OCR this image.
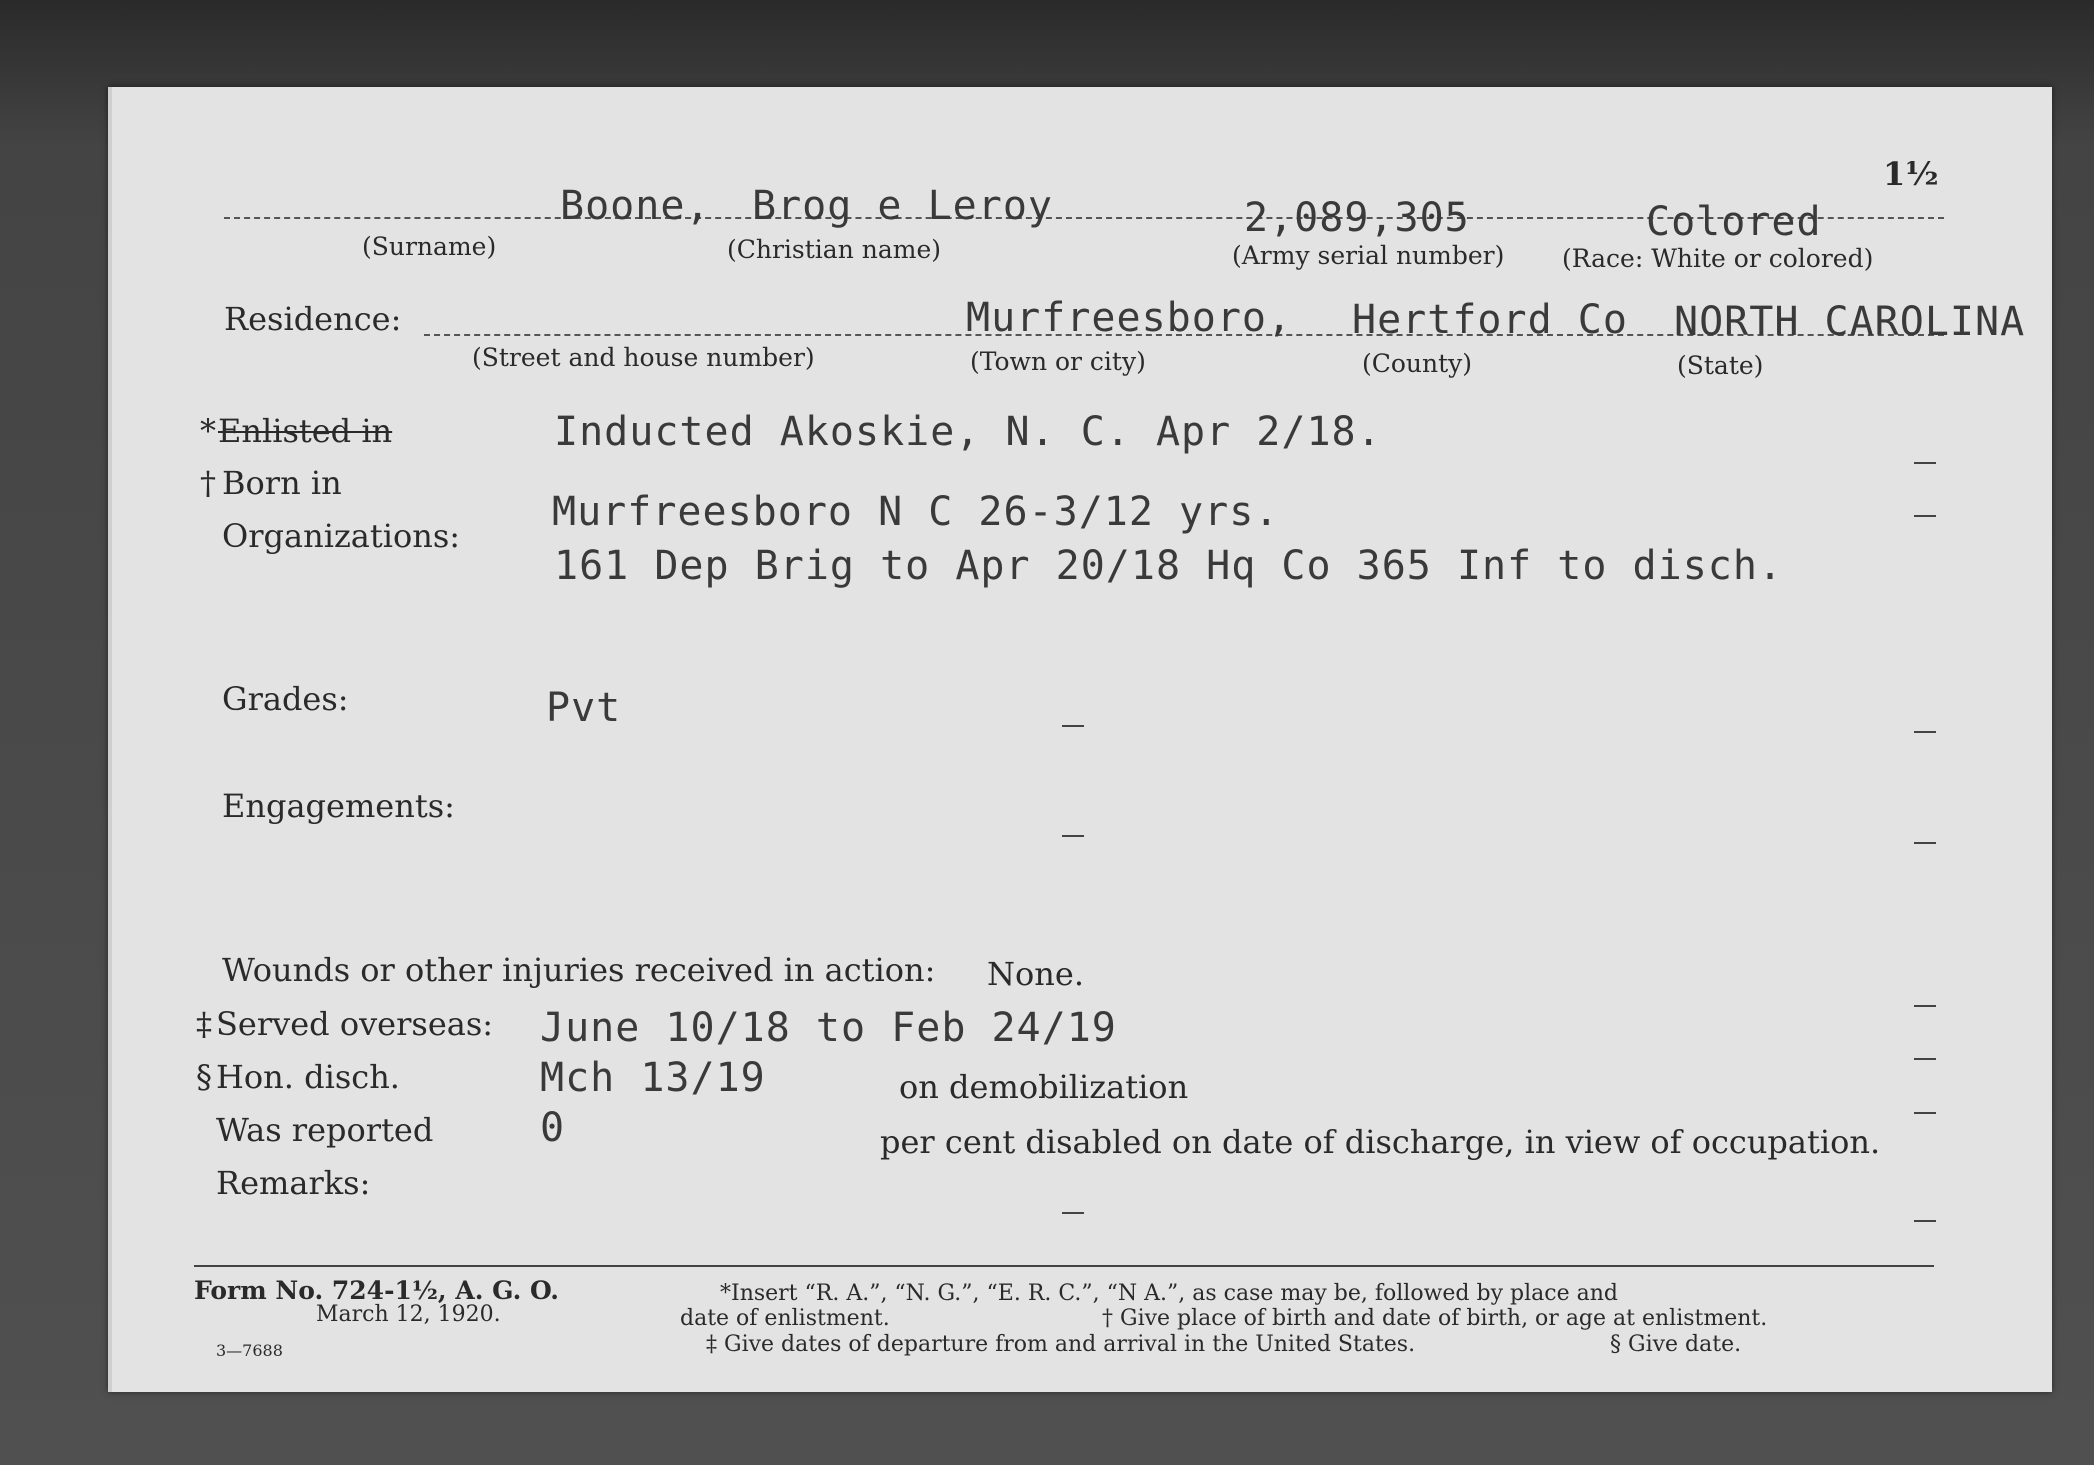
1½
Boone, Brog e Leroy	2,089,305	Colored
(Surname)	(Christian name)	(Army serial number) (Race: White or colored)
Residence:	Murfreesboro, Hertford Co NORTH CAROLINA
(Street and house number)	(Town or city)	(County)	(State)
* Enlisted in	Inducted Akoskie, N. C. Apr 2/18.
† Born in
Murfreesboro N C 26-3/12 yrs.
Organizations:
161 Dep Brig to Apr 20/18 Hq Co 365 Inf to disch.
Grades:	Pvt
Engagements:
Wounds or other injuries received in action: None.
‡ Served overseas: June 10/18 to Feb 24/19
§ Hon. disch.	Mch 13/19	on demobilization
Was reported	0	per cent disabled on date of discharge, in view of occupation.
Remarks:
Form No. 724-1½, A. G. O.
March 12, 1920.
3—7688
*Insert “R. A.”, “N. G.”, “E. R. C.”, “N A.”, as case may be, followed by place and
date of enlistment.	† Give place of birth and date of birth, or age at enlistment.
‡ Give dates of departure from and arrival in the United States.	§ Give date.
